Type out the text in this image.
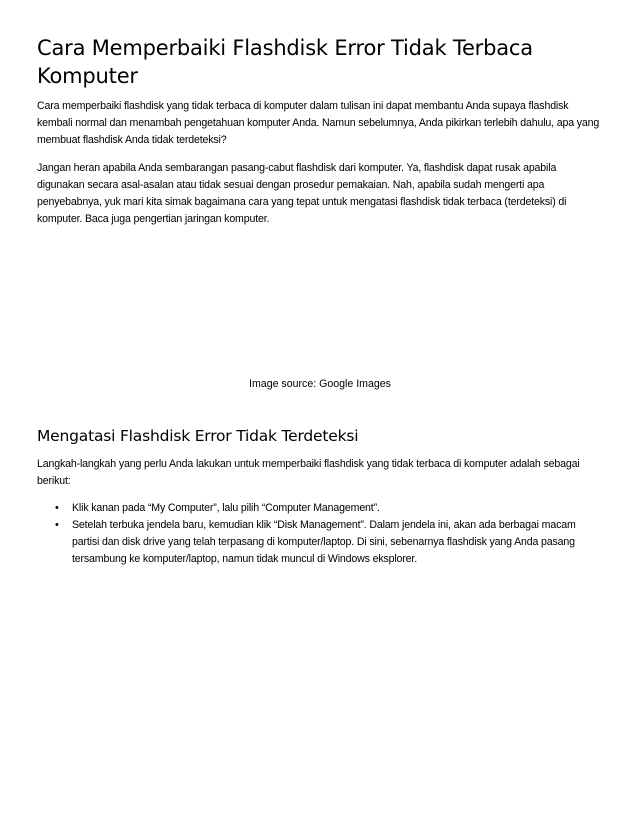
Cara Memperbaiki Flashdisk Error Tidak Terbaca Komputer

Cara memperbaiki flashdisk yang tidak terbaca di komputer dalam tulisan ini dapat membantu Anda supaya flashdisk kembali normal dan menambah pengetahuan komputer Anda. Namun sebelumnya, Anda pikirkan terlebih dahulu, apa yang membuat flashdisk Anda tidak terdeteksi?

Jangan heran apabila Anda sembarangan pasang-cabut flashdisk dari komputer. Ya, flashdisk dapat rusak apabila digunakan secara asal-asalan atau tidak sesuai dengan prosedur pemakaian. Nah, apabila sudah mengerti apa penyebabnya, yuk mari kita simak bagaimana cara yang tepat untuk mengatasi flashdisk tidak terbaca (terdeteksi) di komputer. Baca juga pengertian jaringan komputer.

Image source: Google Images
Mengatasi Flashdisk Error Tidak Terdeteksi

Langkah-langkah yang perlu Anda lakukan untuk memperbaiki flashdisk yang tidak terbaca di komputer adalah sebagai berikut:

• Klik kanan pada “My Computer”, lalu pilih “Computer Management”.
• Setelah terbuka jendela baru, kemudian klik “Disk Management”. Dalam jendela ini, akan ada berbagai macam partisi dan disk drive yang telah terpasang di komputer/laptop. Di sini, sebenarnya flashdisk yang Anda pasang tersambung ke komputer/laptop, namun tidak muncul di Windows eksplorer.
